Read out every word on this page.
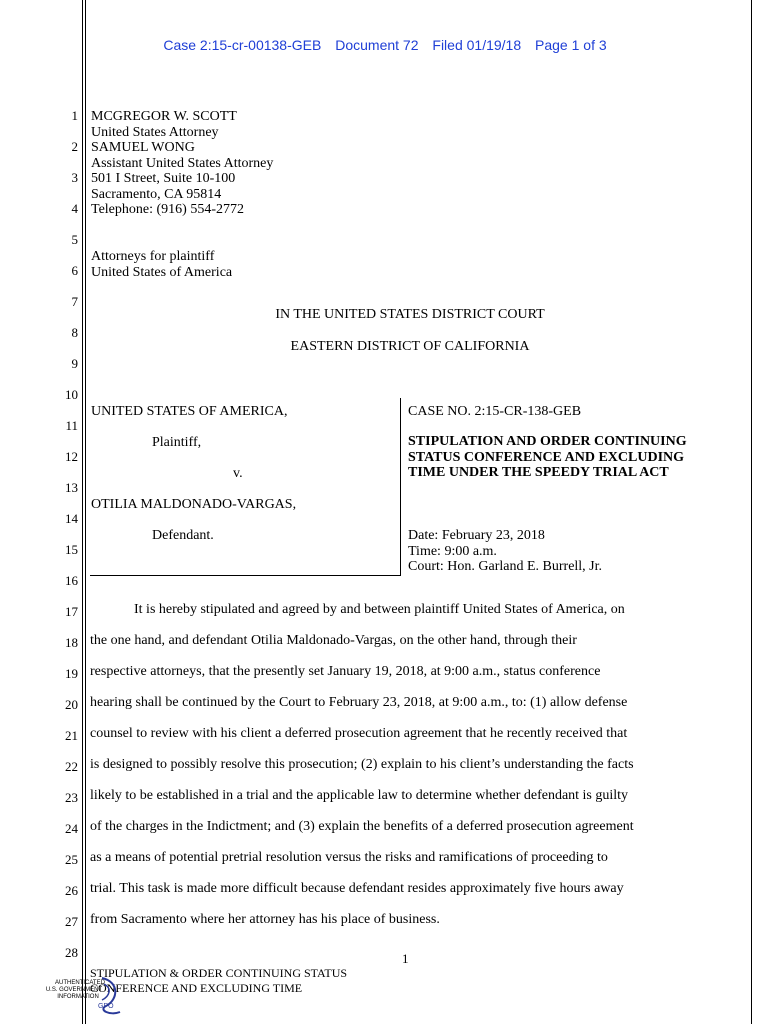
Case 2:15-cr-00138-GEB Document 72 Filed 01/19/18 Page 1 of 3
1
2
3
4
5
6
7
8
9
10
11
12
13
14
15
16
17
18
19
20
21
22
23
24
25
26
27
28
MCGREGOR W. SCOTT
United States Attorney
SAMUEL WONG
Assistant United States Attorney
501 I Street, Suite 10-100
Sacramento, CA 95814
Telephone: (916) 554-2772
Attorneys for plaintiff
United States of America
IN THE UNITED STATES DISTRICT COURT
EASTERN DISTRICT OF CALIFORNIA
UNITED STATES OF AMERICA,
Plaintiff,
v.
OTILIA MALDONADO-VARGAS,
Defendant.
CASE NO. 2:15-CR-138-GEB
STIPULATION AND ORDER CONTINUING
STATUS CONFERENCE AND EXCLUDING
TIME UNDER THE SPEEDY TRIAL ACT
Date: February 23, 2018
Time: 9:00 a.m.
Court: Hon. Garland E. Burrell, Jr.
It is hereby stipulated and agreed by and between plaintiff United States of America, on
the one hand, and defendant Otilia Maldonado-Vargas, on the other hand, through their
respective attorneys, that the presently set January 19, 2018, at 9:00 a.m., status conference
hearing shall be continued by the Court to February 23, 2018, at 9:00 a.m., to: (1) allow defense
counsel to review with his client a deferred prosecution agreement that he recently received that
is designed to possibly resolve this prosecution; (2) explain to his client’s understanding the facts
likely to be established in a trial and the applicable law to determine whether defendant is guilty
of the charges in the Indictment; and (3) explain the benefits of a deferred prosecution agreement
as a means of potential pretrial resolution versus the risks and ramifications of proceeding to
trial. This task is made more difficult because defendant resides approximately five hours away
from Sacramento where her attorney has his place of business.
1
STIPULATION & ORDER CONTINUING STATUS
CONFERENCE AND EXCLUDING TIME
AUTHENTICATED
U.S. GOVERNMENT
INFORMATION
GPO
